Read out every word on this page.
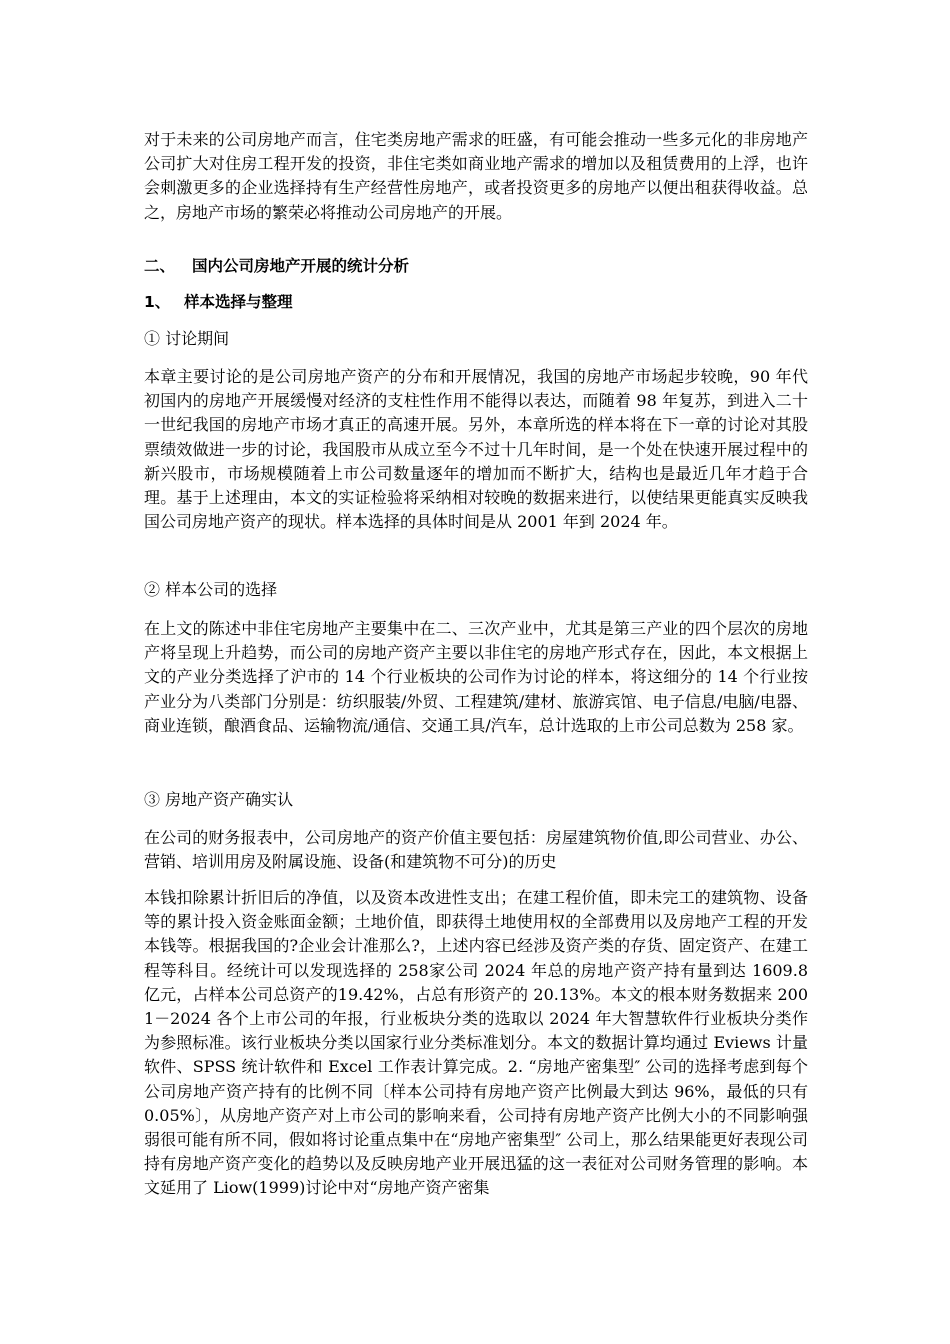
对于未来的公司房地产而言，住宅类房地产需求的旺盛，有可能会推动一些多元化的非房地产公司扩大对住房工程开发的投资，非住宅类如商业地产需求的增加以及租赁费用的上浮，也许会刺激更多的企业选择持有生产经营性房地产，或者投资更多的房地产以便出租获得收益。总之，房地产市场的繁荣必将推动公司房地产的开展。

二、 国内公司房地产开展的统计分析
1、 样本选择与整理

① 讨论期间

本章主要讨论的是公司房地产资产的分布和开展情况，我国的房地产市场起步较晚，90 年代初国内的房地产开展缓慢对经济的支柱性作用不能得以表达，而随着 98 年复苏，到进入二十一世纪我国的房地产市场才真正的高速开展。另外，本章所选的样本将在下一章的讨论对其股票绩效做进一步的讨论，我国股市从成立至今不过十几年时间，是一个处在快速开展过程中的新兴股市，市场规模随着上市公司数量逐年的增加而不断扩大，结构也是最近几年才趋于合理。基于上述理由，本文的实证检验将采纳相对较晚的数据来进行，以使结果更能真实反映我国公司房地产资产的现状。样本选择的具体时间是从 2001 年到 2024 年。

② 样本公司的选择

在上文的陈述中非住宅房地产主要集中在二、三次产业中，尤其是第三产业的四个层次的房地产将呈现上升趋势，而公司的房地产资产主要以非住宅的房地产形式存在，因此，本文根据上文的产业分类选择了沪市的 14 个行业板块的公司作为讨论的样本，将这细分的 14 个行业按产业分为八类部门分别是：纺织服装/外贸、工程建筑/建材、旅游宾馆、电子信息/电脑/电器、商业连锁，酿酒食品、运输物流/通信、交通工具/汽车，总计选取的上市公司总数为 258 家。

③ 房地产资产确实认

在公司的财务报表中，公司房地产的资产价值主要包括：房屋建筑物价值,即公司营业、办公、营销、培训用房及附属设施、设备(和建筑物不可分)的历史

本钱扣除累计折旧后的净值，以及资本改进性支出；在建工程价值，即未完工的建筑物、设备等的累计投入资金账面金额；土地价值，即获得土地使用权的全部费用以及房地产工程的开发本钱等。根据我国的?企业会计准那么?，上述内容已经涉及资产类的存货、固定资产、在建工程等科目。经统计可以发现选择的 258家公司 2024 年总的房地产资产持有量到达 1609.8 亿元，占样本公司总资产的19.42%，占总有形资产的 20.13%。本文的根本财务数据来 2001－2024 各个上市公司的年报，行业板块分类的选取以 2024 年大智慧软件行业板块分类作为参照标准。该行业板块分类以国家行业分类标准划分。本文的数据计算均通过 Eviews 计量软件、SPSS 统计软件和 Excel 工作表计算完成。2. “房地产密集型″ 公司的选择考虑到每个公司房地产资产持有的比例不同〔样本公司持有房地产资产比例最大到达 96%，最低的只有 0.05%〕，从房地产资产对上市公司的影响来看，公司持有房地产资产比例大小的不同影响强弱很可能有所不同，假如将讨论重点集中在“房地产密集型″ 公司上，那么结果能更好表现公司持有房地产资产变化的趋势以及反映房地产业开展迅猛的这一表征对公司财务管理的影响。本文延用了 Liow(1999)讨论中对“房地产资产密集
